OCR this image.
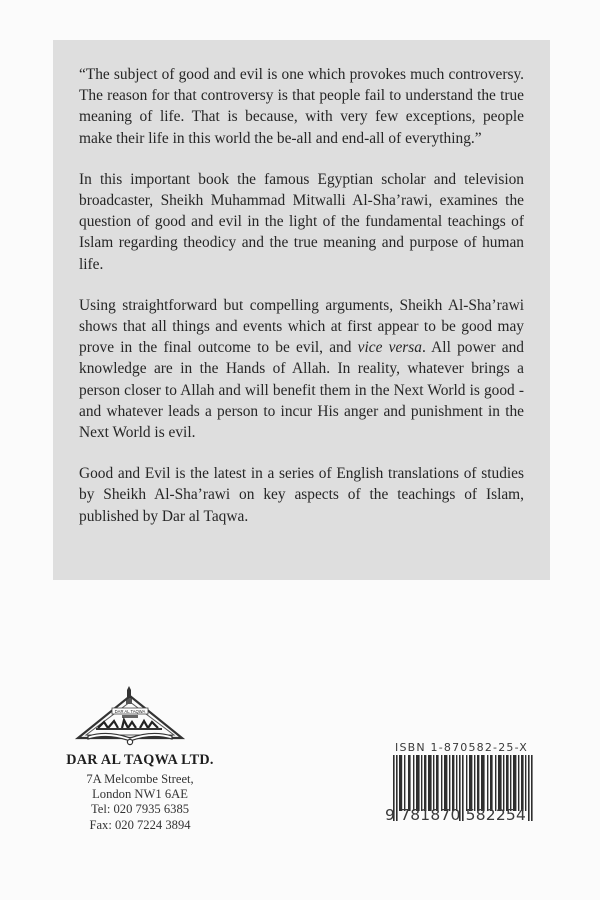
“The subject of good and evil is one which provokes much controversy. The reason for that controversy is that people fail to understand the true meaning of life. That is because, with very few exceptions, people make their life in this world the be-all and end-all of everything.”

In this important book the famous Egyptian scholar and television broadcaster, Sheikh Muhammad Mitwalli Al-Sha’rawi, examines the question of good and evil in the light of the fundamental teachings of Islam regarding theodicy and the true meaning and purpose of human life.

Using straightforward but compelling arguments, Sheikh Al-Sha’rawi shows that all things and events which at first appear to be good may prove in the final outcome to be evil, and vice versa. All power and knowledge are in the Hands of Allah. In reality, whatever brings a person closer to Allah and will benefit them in the Next World is good - and whatever leads a person to incur His anger and punishment in the Next World is evil.

Good and Evil is the latest in a series of English translations of studies by Sheikh Al-Sha’rawi on key aspects of the teachings of Islam, published by Dar al Taqwa.

DAR AL TAQWA
DAR AL TAQWA LTD.
7A Melcombe Street,
London NW1 6AE
Tel: 020 7935 6385
Fax: 020 7224 3894
ISBN 1-870582-25-X
9 781870 582254
